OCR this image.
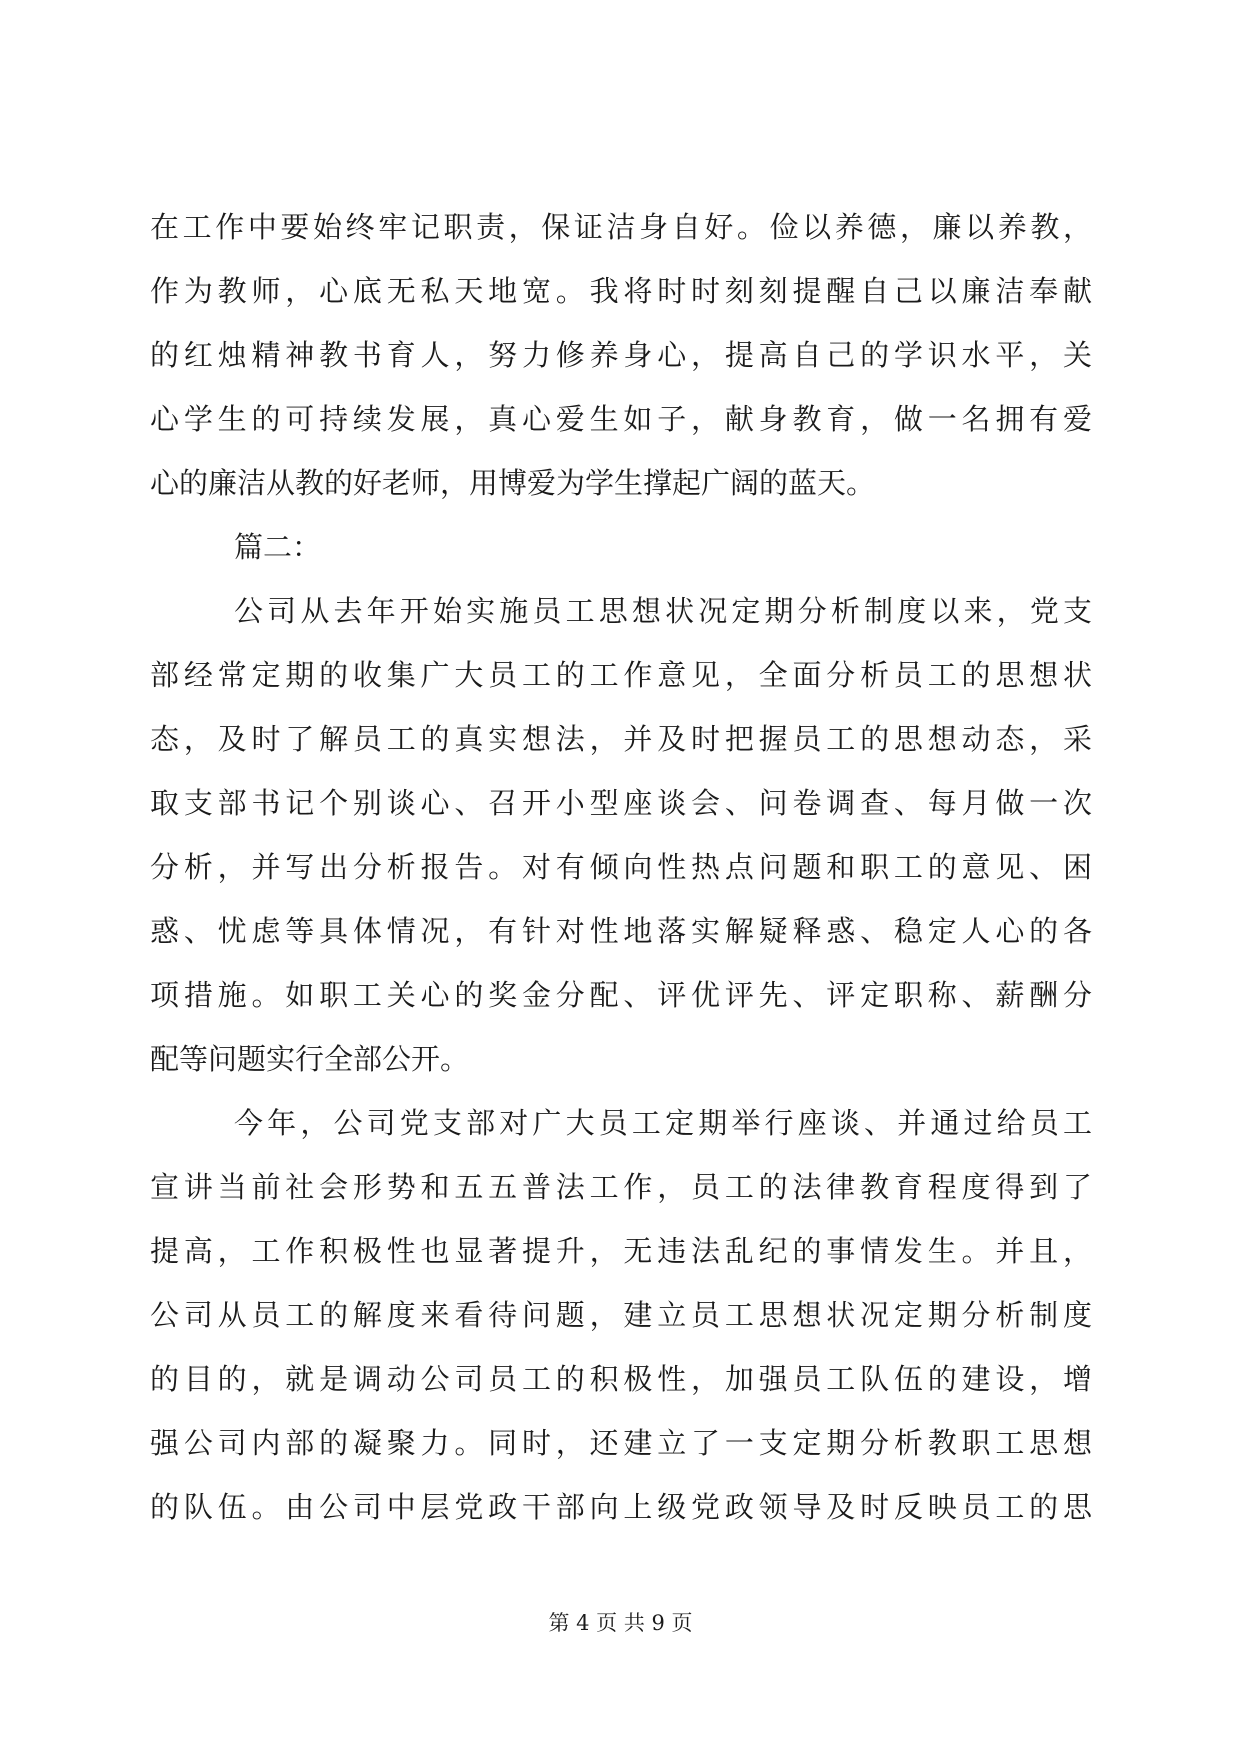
在工作中要始终牢记职责，保证洁身自好。俭以养德，廉以养教，
作为教师，心底无私天地宽。我将时时刻刻提醒自己以廉洁奉献
的红烛精神教书育人，努力修养身心，提高自己的学识水平，关
心学生的可持续发展，真心爱生如子，献身教育，做一名拥有爱
心的廉洁从教的好老师，用博爱为学生撑起广阔的蓝天。
篇二：
公司从去年开始实施员工思想状况定期分析制度以来，党支
部经常定期的收集广大员工的工作意见，全面分析员工的思想状
态，及时了解员工的真实想法，并及时把握员工的思想动态，采
取支部书记个别谈心、召开小型座谈会、问卷调查、每月做一次
分析，并写出分析报告。对有倾向性热点问题和职工的意见、困
惑、忧虑等具体情况，有针对性地落实解疑释惑、稳定人心的各
项措施。如职工关心的奖金分配、评优评先、评定职称、薪酬分
配等问题实行全部公开。
今年，公司党支部对广大员工定期举行座谈、并通过给员工
宣讲当前社会形势和五五普法工作，员工的法律教育程度得到了
提高，工作积极性也显著提升，无违法乱纪的事情发生。并且，
公司从员工的解度来看待问题，建立员工思想状况定期分析制度
的目的，就是调动公司员工的积极性，加强员工队伍的建设，增
强公司内部的凝聚力。同时，还建立了一支定期分析教职工思想
的队伍。由公司中层党政干部向上级党政领导及时反映员工的思
第 4 页 共 9 页
